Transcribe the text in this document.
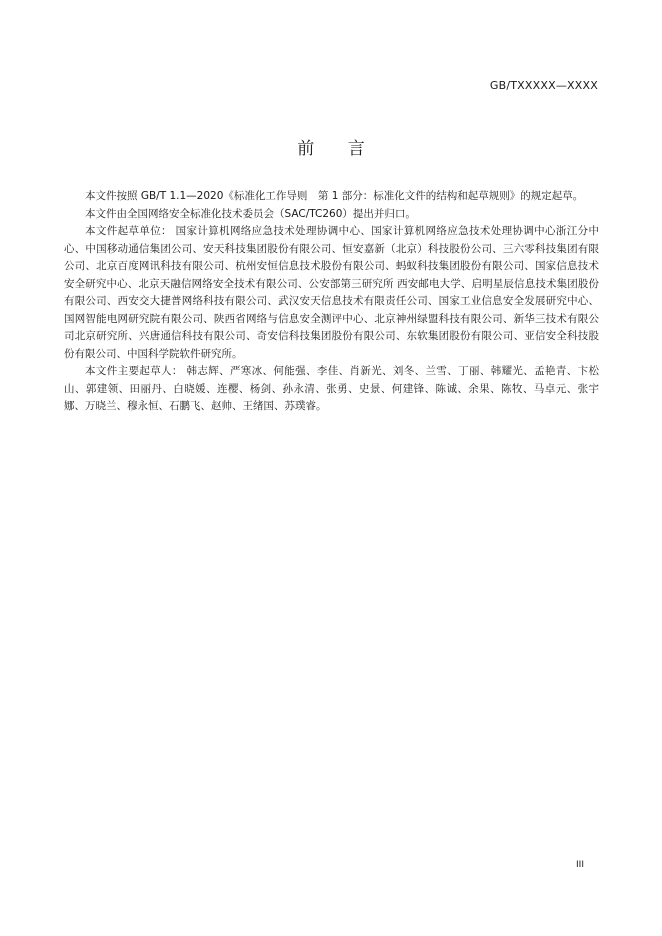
GB/TXXXXX—XXXX
前 言

本文件按照 GB/T 1.1—2020《标准化工作导则　第 1 部分：标准化文件的结构和起草规则》的规定起草。

本文件由全国网络安全标准化技术委员会（SAC/TC260）提出并归口。

本文件起草单位： 国家计算机网络应急技术处理协调中心、国家计算机网络应急技术处理协调中心浙江分中心、中国移动通信集团公司、安天科技集团股份有限公司、恒安嘉新（北京）科技股份公司、三六零科技集团有限公司、北京百度网讯科技有限公司、杭州安恒信息技术股份有限公司、蚂蚁科技集团股份有限公司、国家信息技术安全研究中心、北京天融信网络安全技术有限公司、公安部第三研究所 西安邮电大学、启明星辰信息技术集团股份有限公司、西安交大捷普网络科技有限公司、武汉安天信息技术有限责任公司、国家工业信息安全发展研究中心、国网智能电网研究院有限公司、陕西省网络与信息安全测评中心、北京神州绿盟科技有限公司、新华三技术有限公司北京研究所、兴唐通信科技有限公司、奇安信科技集团股份有限公司、东软集团股份有限公司、亚信安全科技股份有限公司、中国科学院软件研究所。

本文件主要起草人： 韩志辉、严寒冰、何能强、李佳、肖新光、刘冬、兰雪、丁丽、韩耀光、孟艳青、卞松山、郭建领、田丽丹、白晓媛、连樱、杨剑、孙永清、张勇、史景、何建锋、陈诚、余果、陈牧、马卓元、张宇娜、万晓兰、穆永恒、石鹏飞、赵帅、王绪国、苏璞睿。

III
